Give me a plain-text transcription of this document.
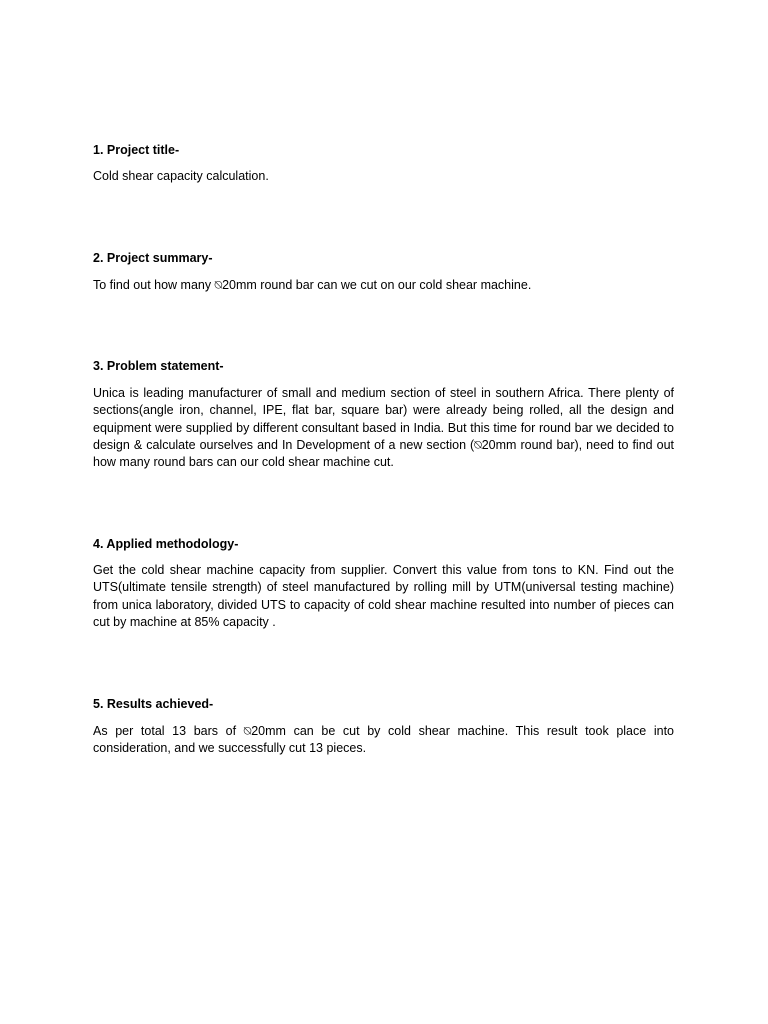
1. Project title-

Cold shear capacity calculation.

2. Project summary-

To find out how many ⍉20mm round bar can we cut on our cold shear machine.

3. Problem statement-

Unica is leading manufacturer of small and medium section of steel in southern Africa. There plenty of sections(angle iron, channel, IPE, flat bar, square bar) were already being rolled, all the design and equipment were supplied by different consultant based in India. But this time for round bar we decided to design & calculate ourselves and In Development of a new section (⍉20mm round bar), need to find out how many round bars can our cold shear machine cut.

4. Applied methodology-

Get the cold shear machine capacity from supplier. Convert this value from tons to KN. Find out the UTS(ultimate tensile strength) of steel manufactured by rolling mill by UTM(universal testing machine) from unica laboratory, divided UTS to capacity of cold shear machine resulted into number of pieces can cut by machine at 85% capacity .

5. Results achieved-

As per total 13 bars of ⍉20mm can be cut by cold shear machine. This result took place into consideration, and we successfully cut 13 pieces.
